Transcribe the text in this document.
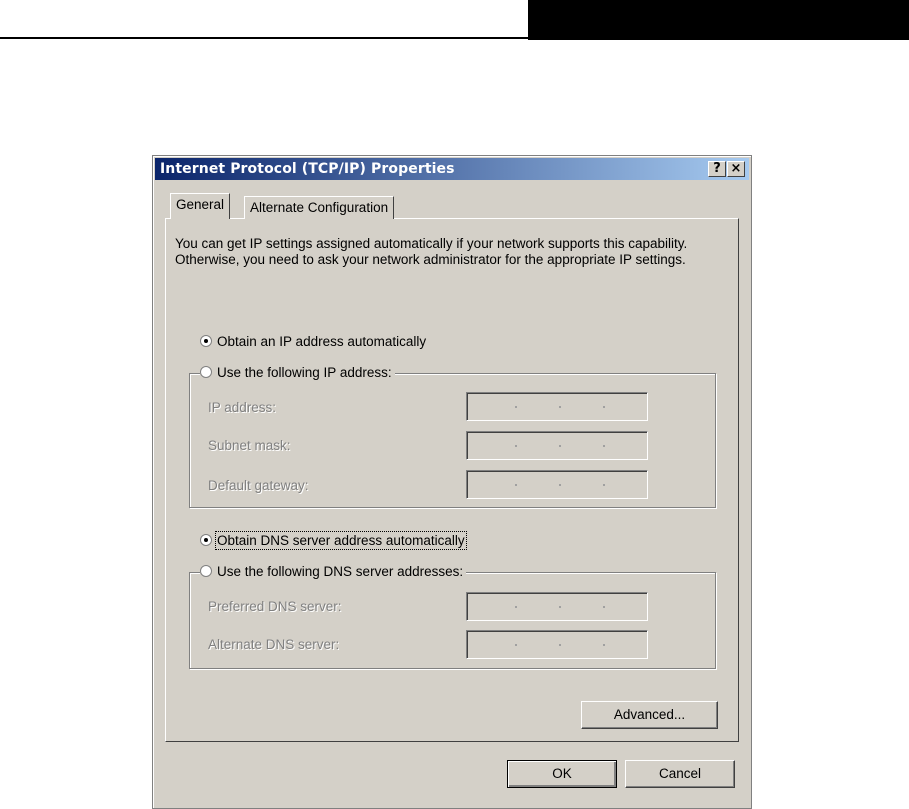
Internet Protocol (TCP/IP) Properties	? ×
General	Alternate Configuration

You can get IP settings assigned automatically if your network supports this capability. Otherwise, you need to ask your network administrator for the appropriate IP settings.

Obtain an IP address automatically
Use the following IP address:
IP address:
Subnet mask:
Default gateway:
Obtain DNS server address automatically
Use the following DNS server addresses:
Preferred DNS server:
Alternate DNS server:
Advanced...
OK	Cancel
